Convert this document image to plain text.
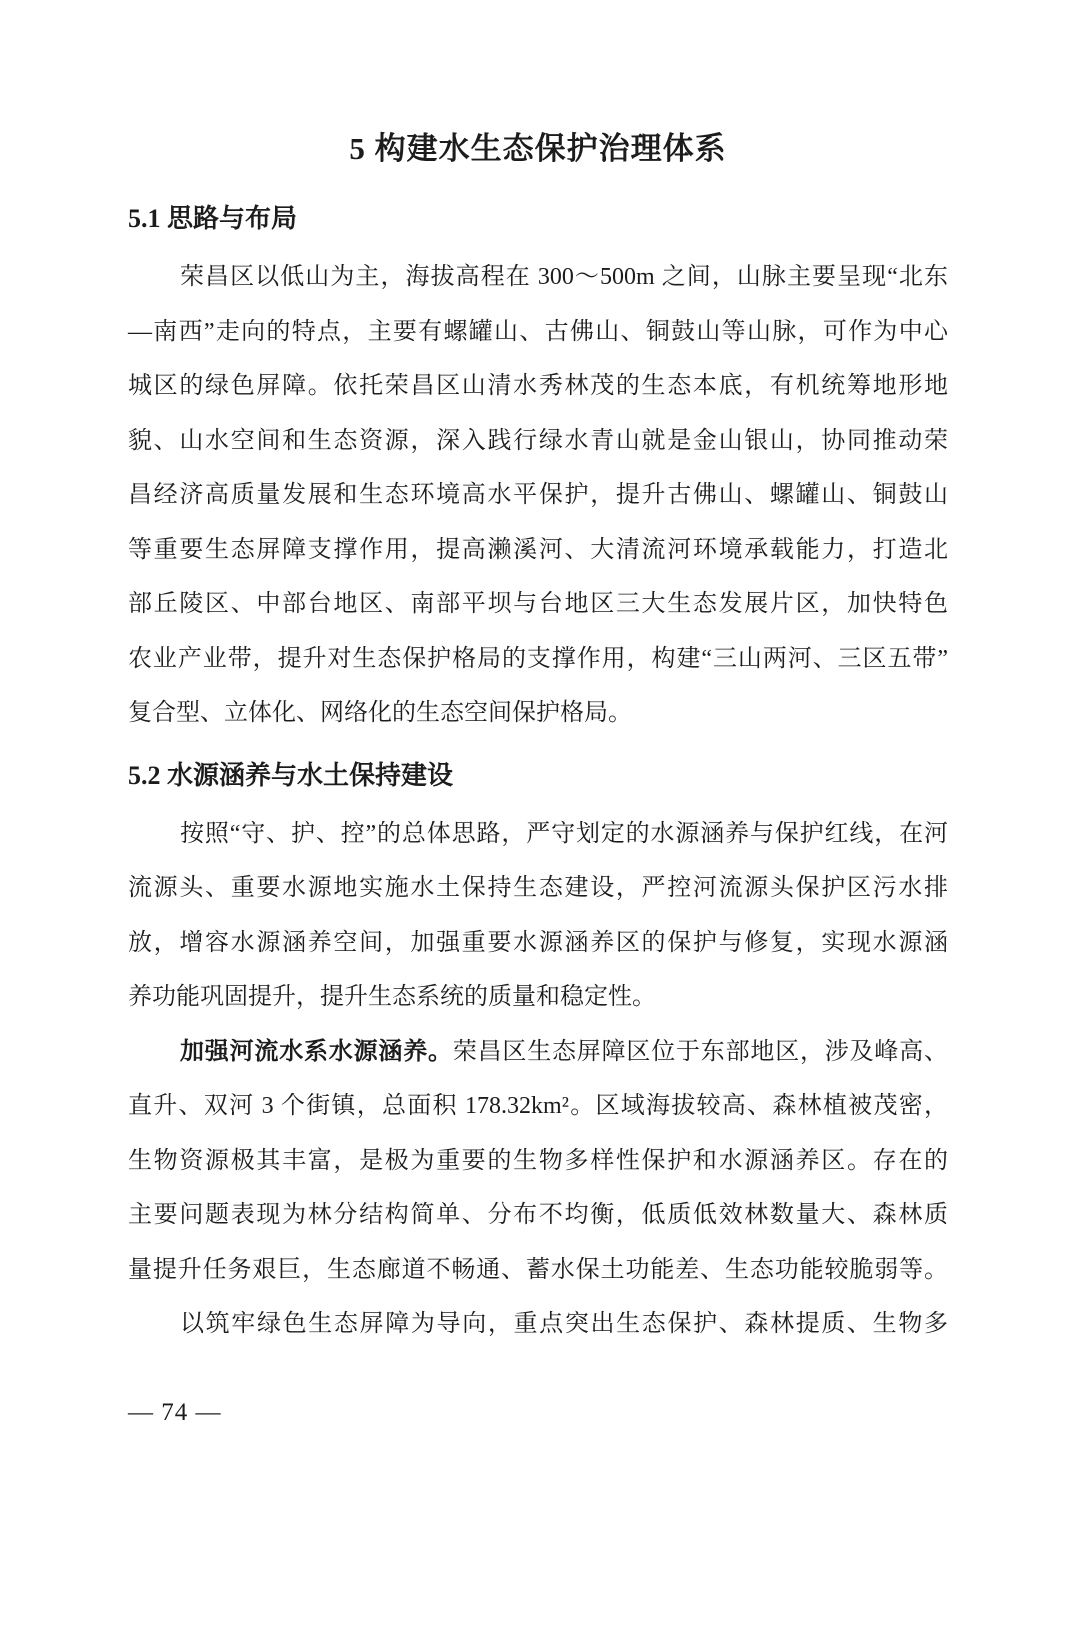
5 构建水生态保护治理体系
5.1 思路与布局
荣昌区以低山为主，海拔高程在 300～500m 之间，山脉主要呈现“北东
—南西”走向的特点，主要有螺罐山、古佛山、铜鼓山等山脉，可作为中心
城区的绿色屏障。依托荣昌区山清水秀林茂的生态本底，有机统筹地形地
貌、山水空间和生态资源，深入践行绿水青山就是金山银山，协同推动荣
昌经济高质量发展和生态环境高水平保护，提升古佛山、螺罐山、铜鼓山
等重要生态屏障支撑作用，提高濑溪河、大清流河环境承载能力，打造北
部丘陵区、中部台地区、南部平坝与台地区三大生态发展片区，加快特色
农业产业带，提升对生态保护格局的支撑作用，构建“三山两河、三区五带”
复合型、立体化、网络化的生态空间保护格局。
5.2 水源涵养与水土保持建设
按照“守、护、控”的总体思路，严守划定的水源涵养与保护红线，在河
流源头、重要水源地实施水土保持生态建设，严控河流源头保护区污水排
放，增容水源涵养空间，加强重要水源涵养区的保护与修复，实现水源涵
养功能巩固提升，提升生态系统的质量和稳定性。
加强河流水系水源涵养。荣昌区生态屏障区位于东部地区，涉及峰高、
直升、双河 3 个街镇，总面积 178.32km²。区域海拔较高、森林植被茂密，
生物资源极其丰富，是极为重要的生物多样性保护和水源涵养区。存在的
主要问题表现为林分结构简单、分布不均衡，低质低效林数量大、森林质
量提升任务艰巨，生态廊道不畅通、蓄水保土功能差、生态功能较脆弱等。
以筑牢绿色生态屏障为导向，重点突出生态保护、森林提质、生物多
— 74 —
